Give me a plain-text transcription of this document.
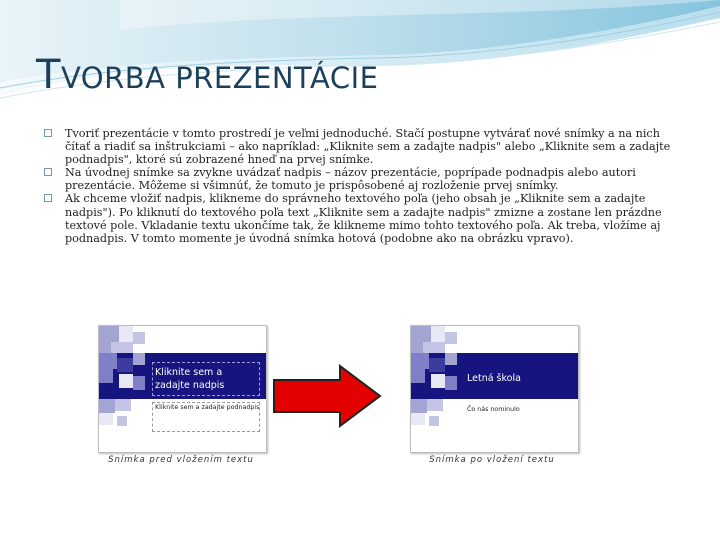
TVORBA PREZENTÁCIE
Tvoriť prezentácie v tomto prostredí je veľmi jednoduché. Stačí postupne vytvárať nové snímky a na nich čítať a riadiť sa inštrukciami – ako napríklad: „Kliknite sem a zadajte nadpis" alebo „Kliknite sem a zadajte podnadpis", ktoré sú zobrazené hneď na prvej snímke.
Na úvodnej snímke sa zvykne uvádzať nadpis – názov prezentácie, poprípade podnadpis alebo autori prezentácie. Môžeme si všimnúť, že tomuto je prispôsobené aj rozloženie prvej snímky.
Ak chceme vložiť nadpis, klikneme do správneho textového poľa (jeho obsah je „Kliknite sem a zadajte nadpis"). Po kliknutí do textového poľa text „Kliknite sem a zadajte nadpis" zmizne a zostane len prázdne textové pole. Vkladanie textu ukončíme tak, že klikneme mimo tohto textového poľa. Ak treba, vložíme aj podnadpis. V tomto momente je úvodná snímka hotová (podobne ako na obrázku vpravo).
Kliknite sem a zadajte nadpis
Kliknite sem a zadajte podnadpis
Snímka pred vložením textu
Letná škola
Čo nás nominulo
Snímka po vložení textu
